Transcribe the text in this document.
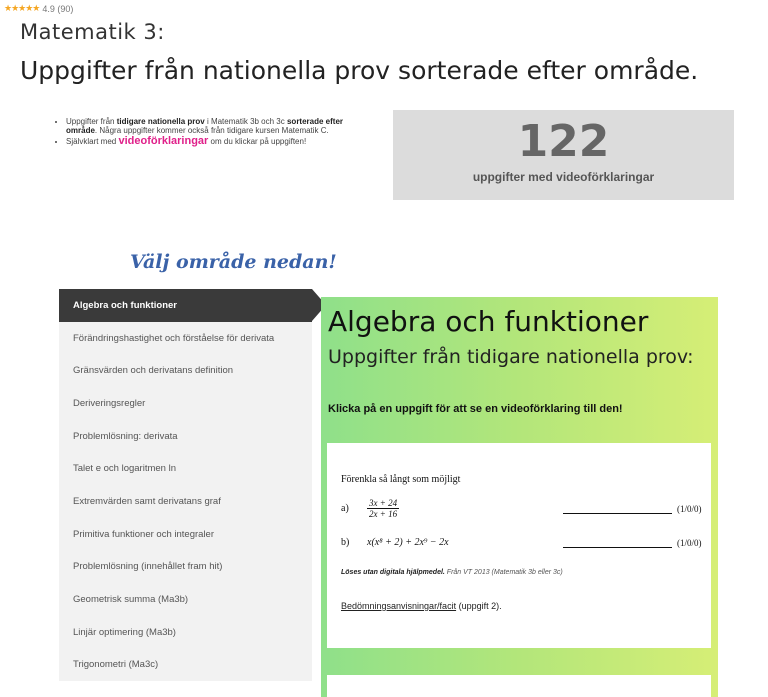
★★★★★ 4.9 (90)
Matematik 3:
Uppgifter från nationella prov sorterade efter område.
• Uppgifter från tidigare nationella prov i Matematik 3b och 3c sorterade efter område. Några uppgifter kommer också från tidigare kursen Matematik C.
• Självklart med videoförklaringar om du klickar på uppgiften!	122
uppgifter med videoförklaringar
Välj område nedan!
Algebra och funktioner
Förändringshastighet och förståelse för derivata
Gränsvärden och derivatans definition
Deriveringsregler
Problemlösning: derivata
Talet e och logaritmen ln
Extremvärden samt derivatans graf
Primitiva funktioner och integraler
Problemlösning (innehållet fram hit)
Geometrisk summa (Ma3b)
Linjär optimering (Ma3b)
Trigonometri (Ma3c)
Algebra och funktioner
Uppgifter från tidigare nationella prov:
Klicka på en uppgift för att se en videoförklaring till den!
Förenkla så långt som möjligt
a)	$\frac{3x + 24}{2x + 16}$	(1/0/0)
b)	x(x⁸ + 2) + 2x⁹ − 2x	(1/0/0)
Löses utan digitala hjälpmedel. Från VT 2013 (Matematik 3b eller 3c)
Bedömningsanvisningar/facit (uppgift 2).
